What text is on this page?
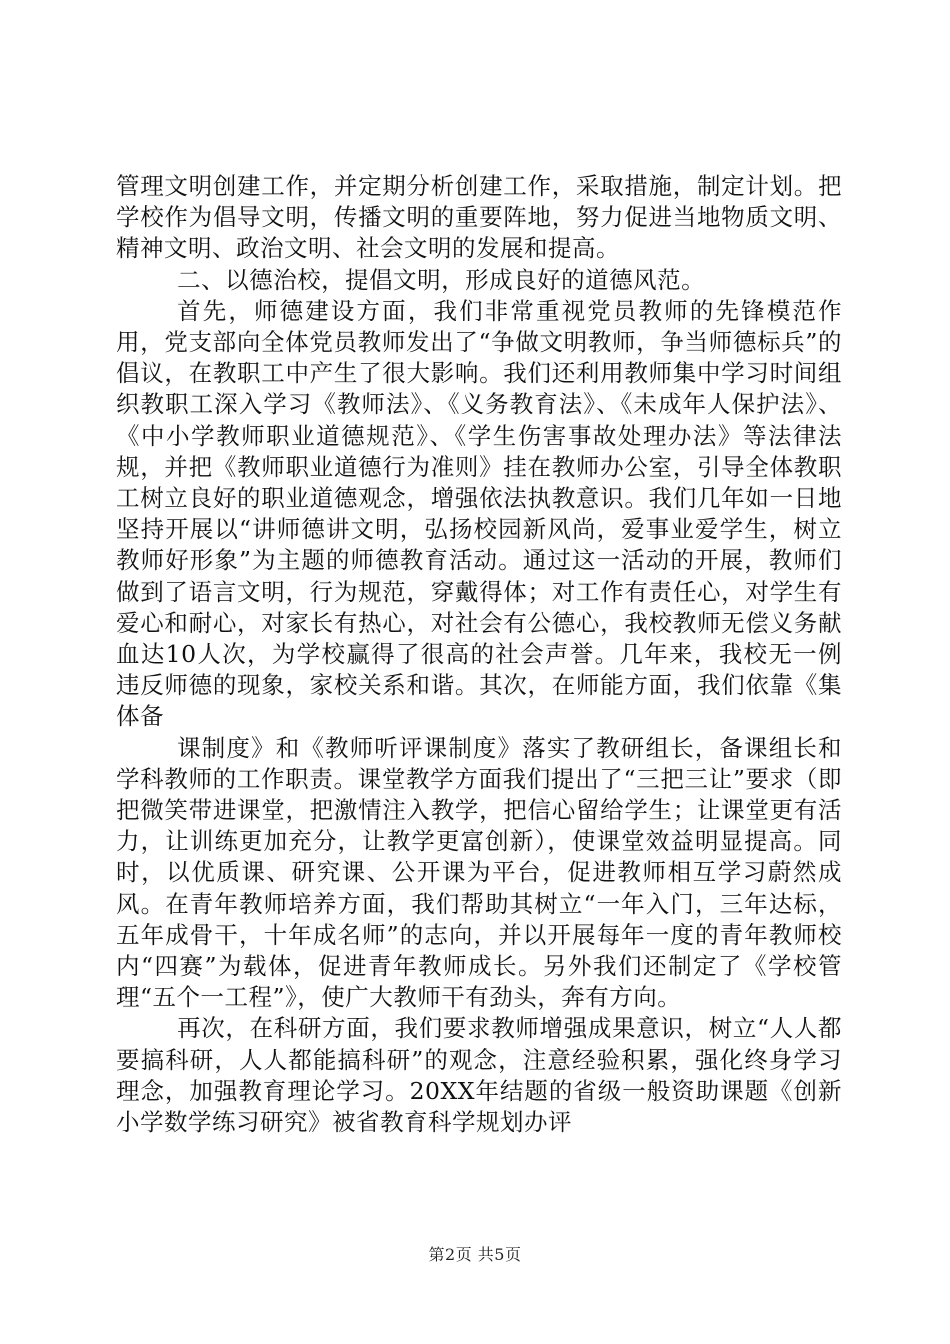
管理文明创建工作，并定期分析创建工作，采取措施，制定计划。把学校作为倡导文明，传播文明的重要阵地，努力促进当地物质文明、精神文明、政治文明、社会文明的发展和提高。

二、以德治校，提倡文明，形成良好的道德风范。

首先，师德建设方面，我们非常重视党员教师的先锋模范作用，党支部向全体党员教师发出了“争做文明教师，争当师德标兵”的倡议，在教职工中产生了很大影响。我们还利用教师集中学习时间组织教职工深入学习《教师法》、《义务教育法》、《未成年人保护法》、《中小学教师职业道德规范》、《学生伤害事故处理办法》等法律法规，并把《教师职业道德行为准则》挂在教师办公室，引导全体教职工树立良好的职业道德观念，增强依法执教意识。我们几年如一日地坚持开展以“讲师德讲文明，弘扬校园新风尚，爱事业爱学生，树立教师好形象”为主题的师德教育活动。通过这一活动的开展，教师们做到了语言文明，行为规范，穿戴得体；对工作有责任心，对学生有爱心和耐心，对家长有热心，对社会有公德心，我校教师无偿义务献血达10人次，为学校赢得了很高的社会声誉。几年来，我校无一例违反师德的现象，家校关系和谐。其次，在师能方面，我们依靠《集体备

课制度》和《教师听评课制度》落实了教研组长，备课组长和学科教师的工作职责。课堂教学方面我们提出了“三把三让”要求（即把微笑带进课堂，把激情注入教学，把信心留给学生；让课堂更有活力，让训练更加充分，让教学更富创新），使课堂效益明显提高。同时，以优质课、研究课、公开课为平台，促进教师相互学习蔚然成风。在青年教师培养方面，我们帮助其树立“一年入门，三年达标，五年成骨干，十年成名师”的志向，并以开展每年一度的青年教师校内“四赛”为载体，促进青年教师成长。另外我们还制定了《学校管理“五个一工程”》，使广大教师干有劲头，奔有方向。

再次，在科研方面，我们要求教师增强成果意识，树立“人人都要搞科研，人人都能搞科研”的观念，注意经验积累，强化终身学习理念，加强教育理论学习。20XX年结题的省级一般资助课题《创新小学数学练习研究》被省教育科学规划办评

第2页 共5页
